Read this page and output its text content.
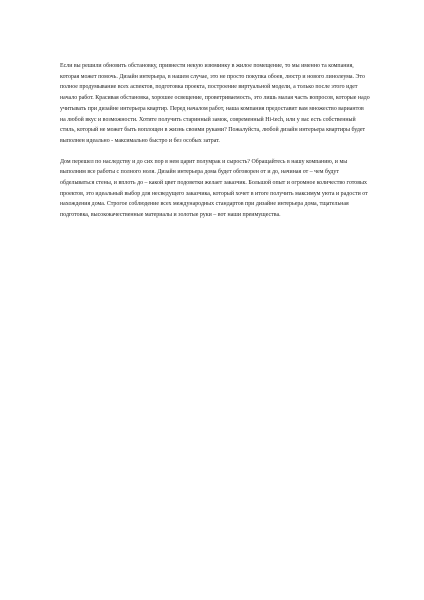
Если вы решили обновить обстановку, привнести некую изюминку в жилое помещение, то мы именно та компания, которая может помочь. Дизайн интерьера, в нашем случае, это не просто покупка обоев, люстр и нового линолеума. Это полное продумывание всех аспектов, подготовка проекта, построение виртуальной модели, а только после этого идет начало работ. Красивая обстановка, хорошее освещение, проветриваемость, это лишь малая часть вопросов, которые надо учитывать при дизайне интерьера квартир. Перед началом работ, наша компания предоставит вам множество вариантов на любой вкус и возможности. Хотите получить старинный замок, современный Hi-tech, или у вас есть собственный стиль, который не может быть воплощен в жизнь своими руками? Пожалуйста, любой дизайн интерьера квартиры будет выполнен идеально - максимально быстро и без особых затрат.

Дом перешел по наследству и до сих пор в нем царит полумрак и сырость? Обращайтесь в нашу компанию, и мы выполним все работы с полного ноля. Дизайн интерьера дома будет обговорен от и до, начиная от – чем будут обделываться стены, и вплоть до – какой цвет подоветки желает заказчик. Большой опыт и огромное количество готовых проектов, это идеальный выбор для несведущего заказчика, который хочет в итоге получить максимум уюта и радости от нахождения дома. Строгое соблюдение всех международных стандартов при дизайне интерьера дома, тщательная подготовка, высококачественные материалы и золотые руки – вот наши преимущества.
